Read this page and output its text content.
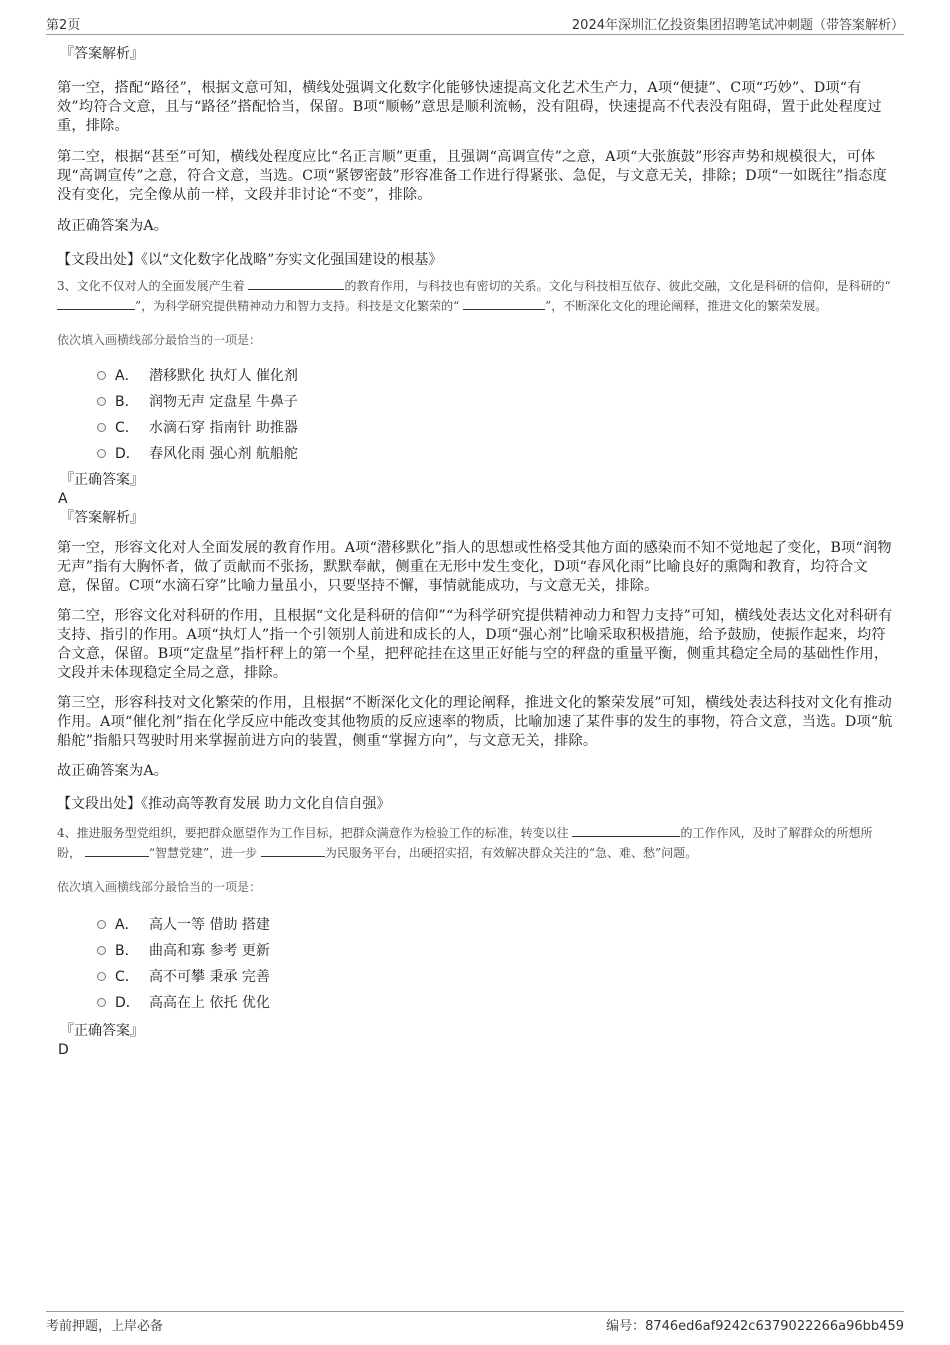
第2页	2024年深圳汇亿投资集团招聘笔试冲刺题（带答案解析）
『答案解析』

第一空，搭配“路径”，根据文意可知，横线处强调文化数字化能够快速提高文化艺术生产力，A项“便捷”、C项“巧妙”、D项“有效”均符合文意，且与“路径”搭配恰当，保留。B项“顺畅”意思是顺利流畅，没有阻碍，快速提高不代表没有阻碍，置于此处程度过重，排除。

第二空，根据“甚至”可知，横线处程度应比“名正言顺”更重，且强调“高调宣传”之意，A项“大张旗鼓”形容声势和规模很大，可体现“高调宣传”之意，符合文意，当选。C项“紧锣密鼓”形容准备工作进行得紧张、急促，与文意无关，排除；D项“一如既往”指态度没有变化，完全像从前一样，文段并非讨论“不变”，排除。

故正确答案为A。

【文段出处】《以“文化数字化战略”夯实文化强国建设的根基》

3、文化不仅对人的全面发展产生着	的教育作用，与科技也有密切的关系。文化与科技相互依存、彼此交融，文化是科研的信仰，是科研的“ ”，为科学研究提供精神动力和智力支持。科技是文化繁荣的“	”，不断深化文化的理论阐释，推进文化的繁荣发展。

依次填入画横线部分最恰当的一项是：

A． 潜移默化 执灯人 催化剂
B． 润物无声 定盘星 牛鼻子
C． 水滴石穿 指南针 助推器
D． 春风化雨 强心剂 航船舵
『正确答案』

A

『答案解析』

第一空，形容文化对人全面发展的教育作用。A项“潜移默化”指人的思想或性格受其他方面的感染而不知不觉地起了变化，B项“润物无声”指有大胸怀者，做了贡献而不张扬，默默奉献，侧重在无形中发生变化，D项“春风化雨”比喻良好的熏陶和教育，均符合文意，保留。C项“水滴石穿”比喻力量虽小，只要坚持不懈，事情就能成功，与文意无关，排除。

第二空，形容文化对科研的作用，且根据“文化是科研的信仰”“为科学研究提供精神动力和智力支持”可知，横线处表达文化对科研有支持、指引的作用。A项“执灯人”指一个引领别人前进和成长的人，D项“强心剂”比喻采取积极措施，给予鼓励，使振作起来，均符合文意，保留。B项“定盘星”指杆秤上的第一个星，把秤砣挂在这里正好能与空的秤盘的重量平衡，侧重其稳定全局的基础性作用，文段并未体现稳定全局之意，排除。

第三空，形容科技对文化繁荣的作用，且根据“不断深化文化的理论阐释，推进文化的繁荣发展”可知，横线处表达科技对文化有推动作用。A项“催化剂”指在化学反应中能改变其他物质的反应速率的物质，比喻加速了某件事的发生的事物，符合文意，当选。D项“航船舵”指船只驾驶时用来掌握前进方向的装置，侧重“掌握方向”，与文意无关，排除。

故正确答案为A。

【文段出处】《推动高等教育发展 助力文化自信自强》

4、推进服务型党组织，要把群众愿望作为工作目标，把群众满意作为检验工作的标准，转变以往	的工作作风，及时了解群众的所想所盼，	“智慧党建”，进一步	为民服务平台，出硬招实招，有效解决群众关注的“急、难、愁”问题。

依次填入画横线部分最恰当的一项是：

A． 高人一等 借助 搭建
B． 曲高和寡 参考 更新
C． 高不可攀 秉承 完善
D． 高高在上 依托 优化
『正确答案』

D

考前押题，上岸必备	编号：8746ed6af9242c6379022266a96bb459
